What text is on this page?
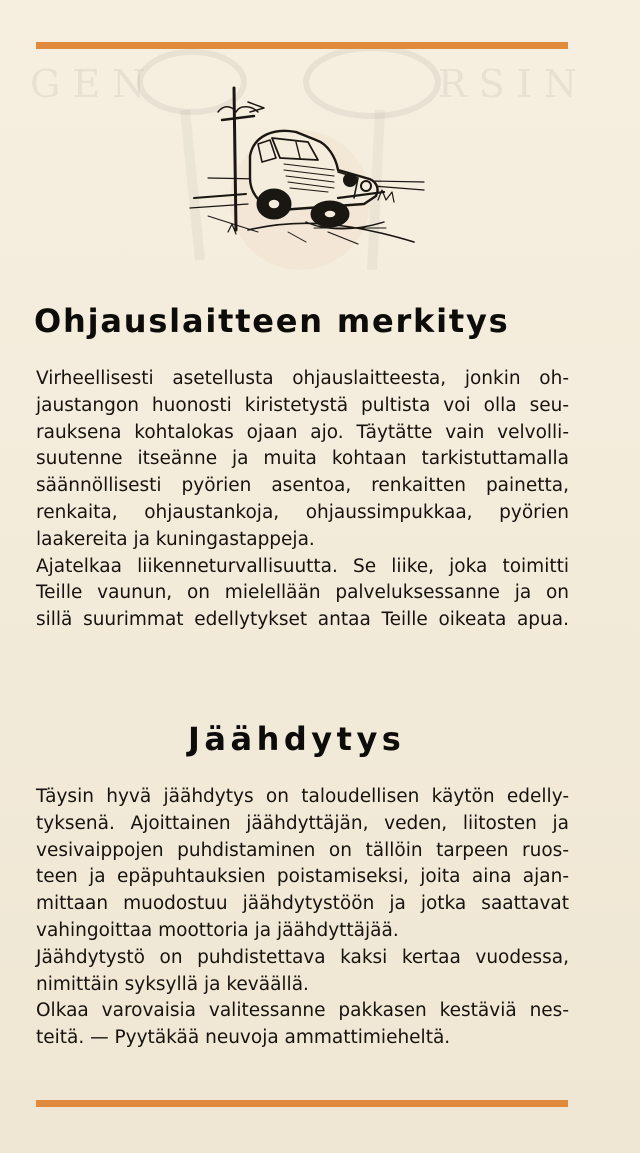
GEN	RSIN
Ohjauslaitteen merkitys
Virheellisesti asetellusta ohjauslaitteesta, jonkin oh-
jaustangon huonosti kiristetystä pultista voi olla seu-
rauksena kohtalokas ojaan ajo. Täytätte vain velvolli-
suutenne itseänne ja muita kohtaan tarkistuttamalla
säännöllisesti pyörien asentoa, renkaitten painetta,
renkaita, ohjaustankoja, ohjaussimpukkaa, pyörien
laakereita ja kuningastappeja.
Ajatelkaa liikenneturvallisuutta. Se liike, joka toimitti
Teille vaunun, on mielellään palveluksessanne ja on
sillä suurimmat edellytykset antaa Teille oikeata apua.
Jäähdytys
Täysin hyvä jäähdytys on taloudellisen käytön edelly-
tyksenä. Ajoittainen jäähdyttäjän, veden, liitosten ja
vesivaippojen puhdistaminen on tällöin tarpeen ruos-
teen ja epäpuhtauksien poistamiseksi, joita aina ajan-
mittaan muodostuu jäähdytystöön ja jotka saattavat
vahingoittaa moottoria ja jäähdyttäjää.
Jäähdytystö on puhdistettava kaksi kertaa vuodessa,
nimittäin syksyllä ja keväällä.
Olkaa varovaisia valitessanne pakkasen kestäviä nes-
teitä. — Pyytäkää neuvoja ammattimieheltä.
